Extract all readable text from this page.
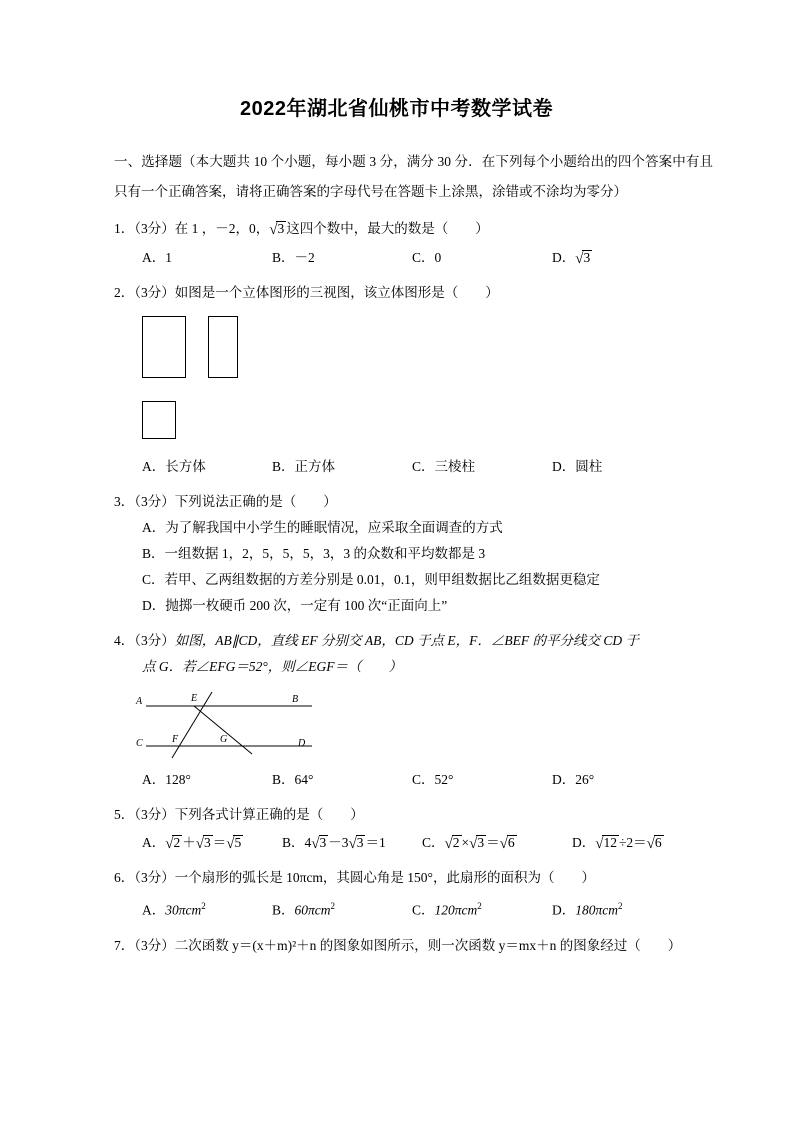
2022年湖北省仙桃市中考数学试卷

一、选择题（本大题共 10 个小题，每小题 3 分，满分 30 分．在下列每个小题给出的四个答案中有且只有一个正确答案，请将正确答案的字母代号在答题卡上涂黑，涂错或不涂均为零分）

1．（3分）在 1 ，－2，0，√3 这四个数中，最大的数是（　　）

A．1	B．－2	C．0	D．√3

2．（3分）如图是一个立体图形的三视图，该立体图形是（　　）

A．长方体	B．正方体	C．三棱柱	D．圆柱

3．（3分）下列说法正确的是（　　）

A．为了解我国中小学生的睡眠情况，应采取全面调查的方式

B．一组数据 1，2，5，5，5，3，3 的众数和平均数都是 3

C．若甲、乙两组数据的方差分别是 0.01，0.1，则甲组数据比乙组数据更稳定

D．抛掷一枚硬币 200 次，一定有 100 次“正面向上”

4．（3分）如图，AB∥CD，直线 EF 分别交 AB，CD 于点 E，F．∠BEF 的平分线交 CD 于

点 G．若∠EFG＝52°，则∠EGF＝（　　）

A	E	B
C	F	G	D
A．128°	B．64°	C．52°	D．26°

5．（3分）下列各式计算正确的是（　　）

A．√2 ＋√3 ＝√5	B．4√3 －3√3 ＝1	C．√2 ×√3 ＝√6	D．√12 ÷2＝√6

6．（3分）一个扇形的弧长是 10πcm，其圆心角是 150°，此扇形的面积为（　　）

A．30πcm$^2$	B．60πcm$^2$	C．120πcm$^2$	D．180πcm$^2$

7．（3分）二次函数 y＝(x＋m)²＋n 的图象如图所示，则一次函数 y＝mx＋n 的图象经过（　　）
